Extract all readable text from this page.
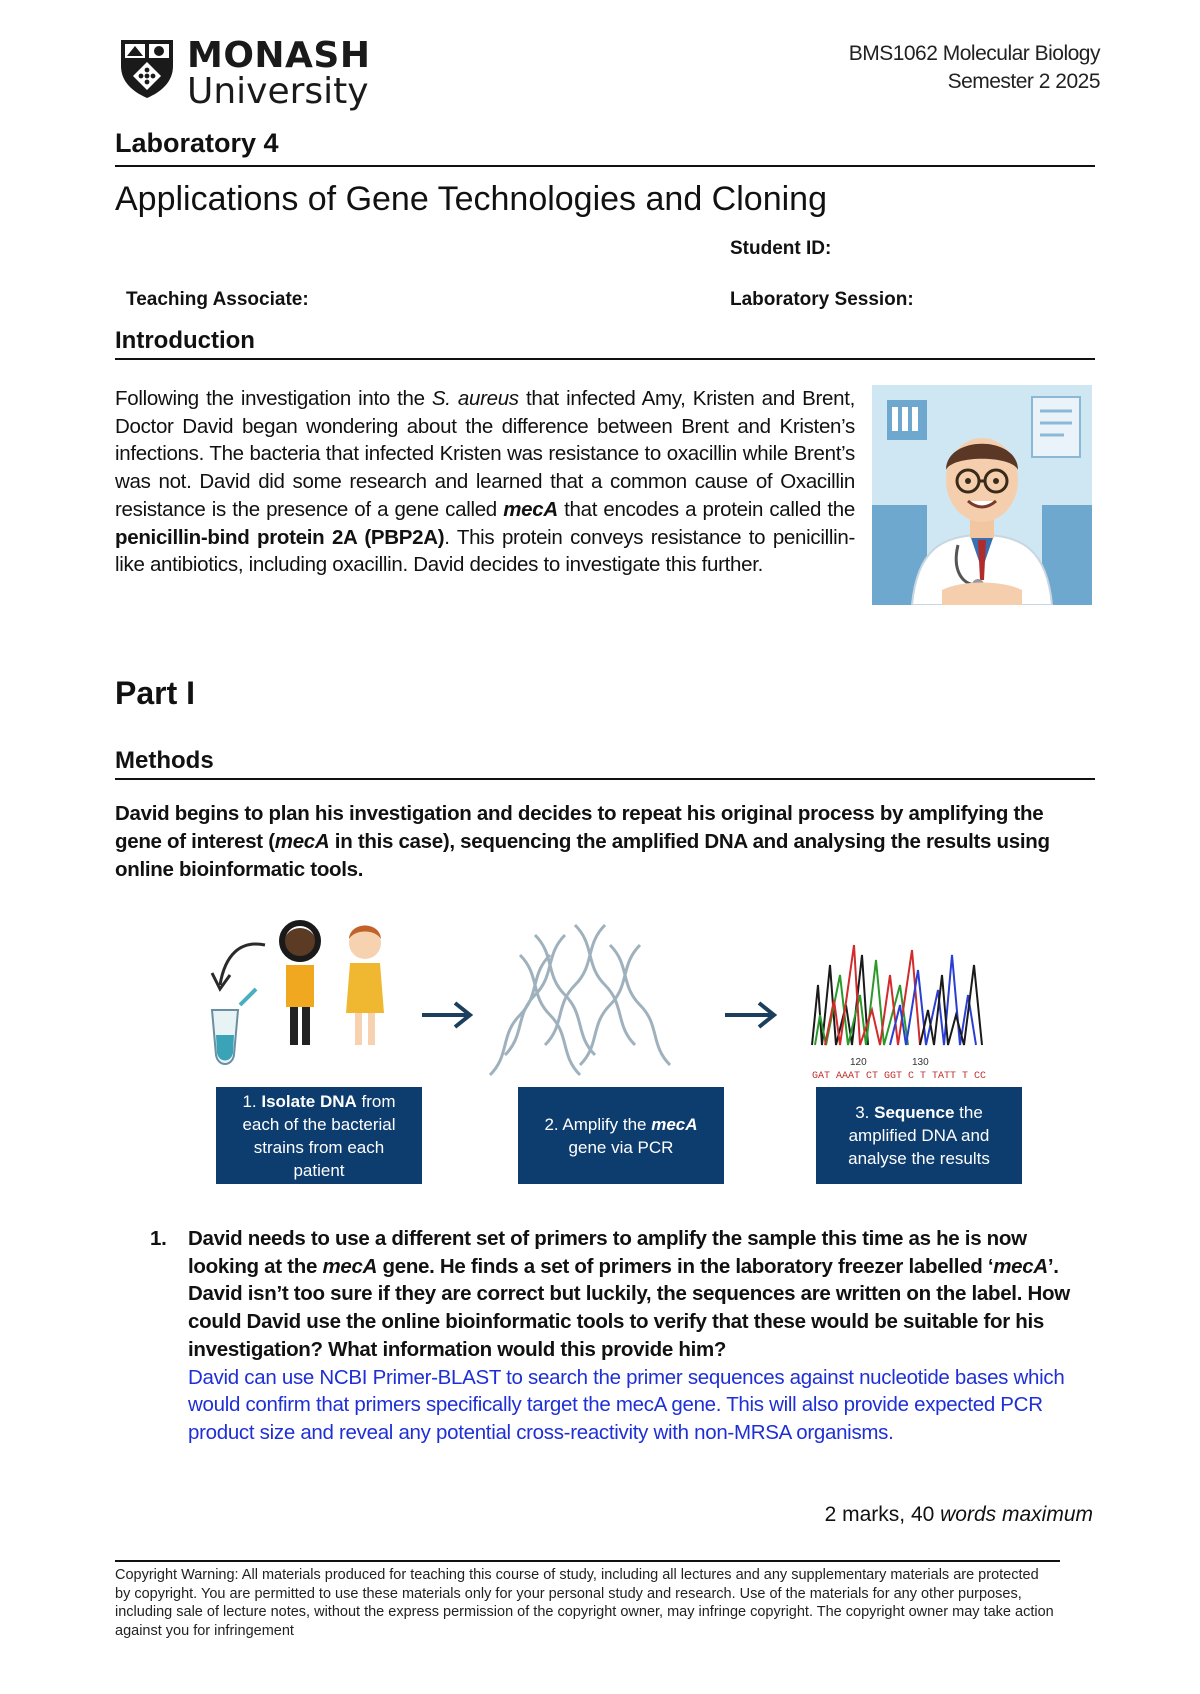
MONASH
University
BMS1062 Molecular Biology
Semester 2 2025
Laboratory 4
Applications of Gene Technologies and Cloning
Student ID:
Teaching Associate:	Laboratory Session:
Introduction
Following the investigation into the S. aureus that infected Amy, Kristen and Brent, Doctor David began wondering about the difference between Brent and Kristen’s infections. The bacteria that infected Kristen was resistance to oxacillin while Brent’s was not. David did some research and learned that a common cause of Oxacillin resistance is the presence of a gene called mecA that encodes a protein called the penicillin-bind protein 2A (PBP2A). This protein conveys resistance to penicillin-like antibiotics, including oxacillin. David decides to investigate this further.
Part I
Methods
David begins to plan his investigation and decides to repeat his original process by amplifying the gene of interest (mecA in this case), sequencing the amplified DNA and analysing the results using online bioinformatic tools.
120	130
GAT AAAT CT GGT C T TATT T CC
1. Isolate DNA from each of the bacterial strains from each patient
2. Amplify the mecA gene via PCR
3. Sequence the amplified DNA and analyse the results
1. David needs to use a different set of primers to amplify the sample this time as he is now looking at the mecA gene. He finds a set of primers in the laboratory freezer labelled ‘mecA’. David isn’t too sure if they are correct but luckily, the sequences are written on the label. How could David use the online bioinformatic tools to verify that these would be suitable for his investigation? What information would this provide him?
David can use NCBI Primer-BLAST to search the primer sequences against nucleotide bases which would confirm that primers specifically target the mecA gene. This will also provide expected PCR product size and reveal any potential cross-reactivity with non-MRSA organisms.
2 marks, 40 words maximum
Copyright Warning: All materials produced for teaching this course of study, including all lectures and any supplementary materials are protected by copyright. You are permitted to use these materials only for your personal study and research. Use of the materials for any other purposes, including sale of lecture notes, without the express permission of the copyright owner, may infringe copyright. The copyright owner may take action against you for infringement
